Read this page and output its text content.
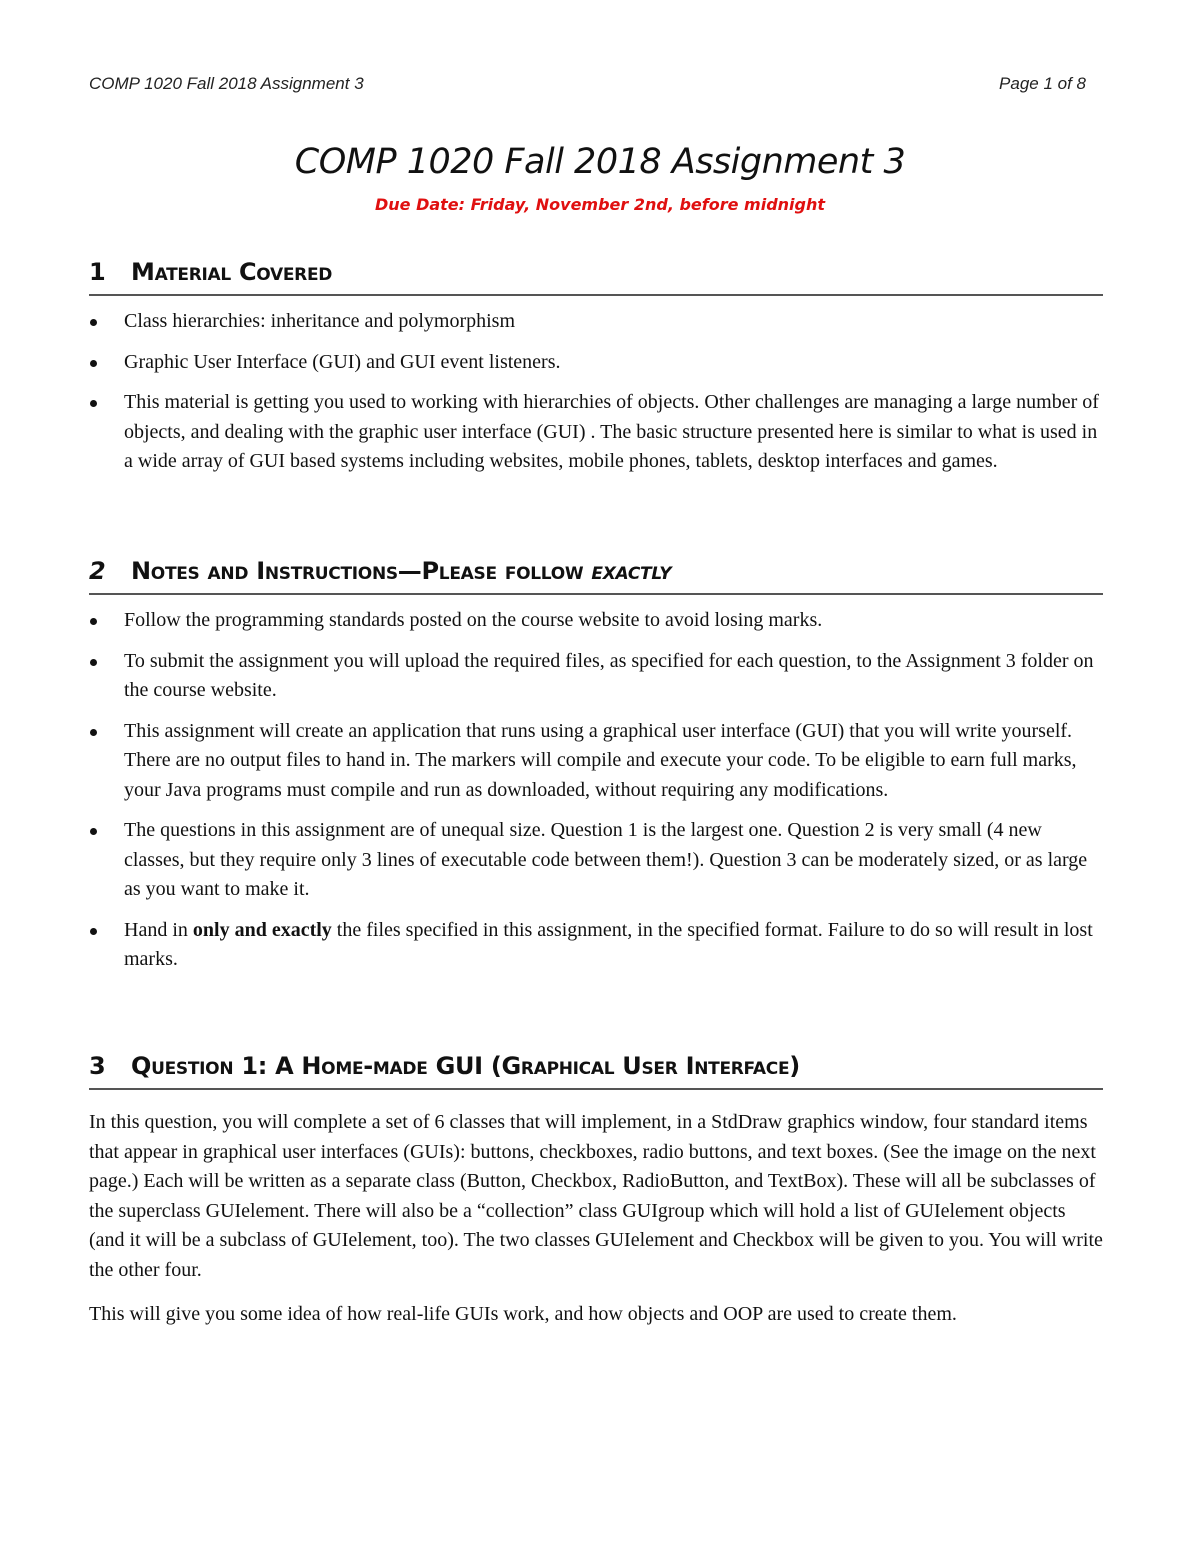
COMP 1020 Fall 2018 Assignment 3	Page 1 of 8
COMP 1020 Fall 2018 Assignment 3
Due Date: Friday, November 2nd, before midnight
1 Material Covered
Class hierarchies: inheritance and polymorphism
Graphic User Interface (GUI) and GUI event listeners.
This material is getting you used to working with hierarchies of objects. Other challenges are managing a large number of objects, and dealing with the graphic user interface (GUI) . The basic structure presented here is similar to what is used in a wide array of GUI based systems including websites, mobile phones, tablets, desktop interfaces and games.
2 Notes and Instructions—Please follow exactly
Follow the programming standards posted on the course website to avoid losing marks.
To submit the assignment you will upload the required files, as specified for each question, to the Assignment 3 folder on the course website.
This assignment will create an application that runs using a graphical user interface (GUI) that you will write yourself. There are no output files to hand in. The markers will compile and execute your code. To be eligible to earn full marks, your Java programs must compile and run as downloaded, without requiring any modifications.
The questions in this assignment are of unequal size. Question 1 is the largest one. Question 2 is very small (4 new classes, but they require only 3 lines of executable code between them!). Question 3 can be moderately sized, or as large as you want to make it.
Hand in only and exactly the files specified in this assignment, in the specified format. Failure to do so will result in lost marks.
3 Question 1: A Home-made GUI (Graphical User Interface)

In this question, you will complete a set of 6 classes that will implement, in a StdDraw graphics window, four standard items that appear in graphical user interfaces (GUIs): buttons, checkboxes, radio buttons, and text boxes. (See the image on the next page.) Each will be written as a separate class (Button, Checkbox, RadioButton, and TextBox). These will all be subclasses of the superclass GUIelement. There will also be a “collection” class GUIgroup which will hold a list of GUIelement objects (and it will be a subclass of GUIelement, too). The two classes GUIelement and Checkbox will be given to you. You will write the other four.

This will give you some idea of how real-life GUIs work, and how objects and OOP are used to create them.
